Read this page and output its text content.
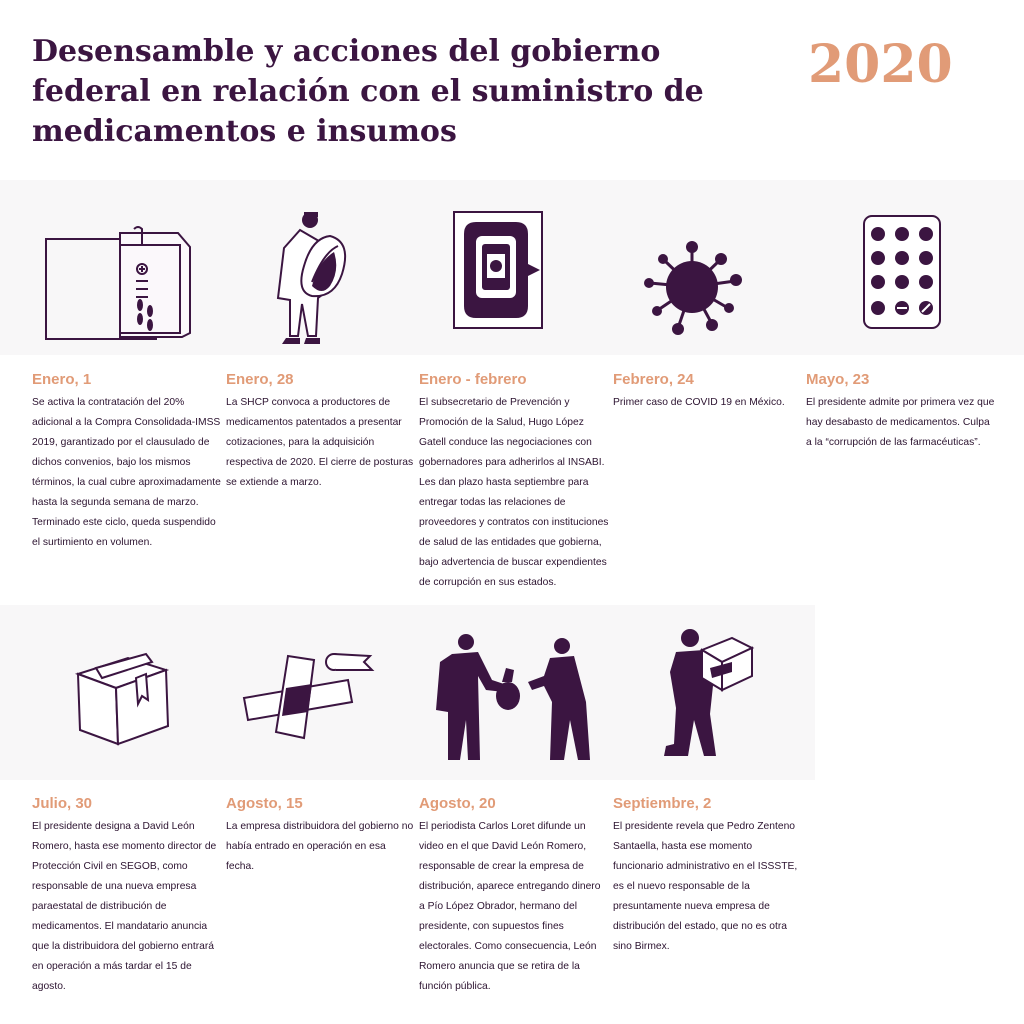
Desensamble y acciones del gobierno federal en relación con el suministro de medicamentos e insumos
2020
Enero, 1

Se activa la contratación del 20% adicional a la Compra Consolidada-IMSS 2019, garantizado por el clausulado de dichos convenios, bajo los mismos términos, la cual cubre aproximadamente hasta la segunda semana de marzo. Terminado este ciclo, queda suspendido el surtimiento en volumen.

Enero, 28

La SHCP convoca a productores de medicamentos patentados a presentar cotizaciones, para la adquisición respectiva de 2020. El cierre de posturas se extiende a marzo.

Enero - febrero

El subsecretario de Prevención y Promoción de la Salud, Hugo López Gatell conduce las negociaciones con gobernadores para adherirlos al INSABI. Les dan plazo hasta septiembre para entregar todas las relaciones de proveedores y contratos con instituciones de salud de las entidades que gobierna, bajo advertencia de buscar expendientes de corrupción en sus estados.

Febrero, 24

Primer caso de COVID 19 en México.

Mayo, 23

El presidente admite por primera vez que hay desabasto de medicamentos. Culpa a la “corrupción de las farmacéuticas”.

Julio, 30

El presidente designa a David León Romero, hasta ese momento director de Protección Civil en SEGOB, como responsable de una nueva empresa paraestatal de distribución de medicamentos. El mandatario anuncia que la distribuidora del gobierno entrará en operación a más tardar el 15 de agosto.

Agosto, 15

La empresa distribuidora del gobierno no había entrado en operación en esa fecha.

Agosto, 20

El periodista Carlos Loret difunde un video en el que David León Romero, responsable de crear la empresa de distribución, aparece entregando dinero a Pío López Obrador, hermano del presidente, con supuestos fines electorales. Como consecuencia, León Romero anuncia que se retira de la función pública.

Septiembre, 2

El presidente revela que Pedro Zenteno Santaella, hasta ese momento funcionario administrativo en el ISSSTE, es el nuevo responsable de la presuntamente nueva empresa de distribución del estado, que no es otra sino Birmex.
